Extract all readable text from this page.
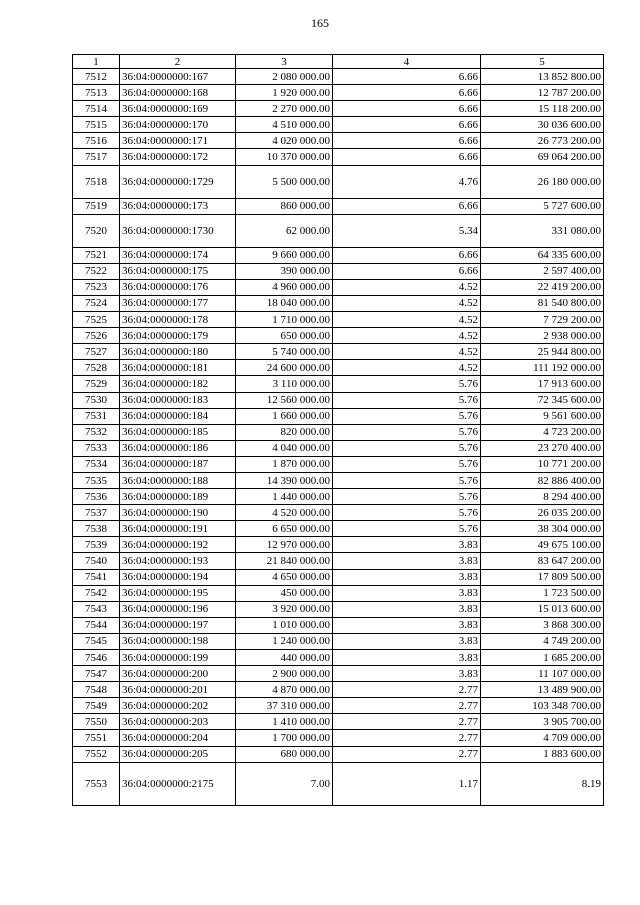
165
1	2	3	4	5
7512	36:04:0000000:167	2 080 000.00	6.66	13 852 800.00
7513	36:04:0000000:168	1 920 000.00	6.66	12 787 200.00
7514	36:04:0000000:169	2 270 000.00	6.66	15 118 200.00
7515	36:04:0000000:170	4 510 000.00	6.66	30 036 600.00
7516	36:04:0000000:171	4 020 000.00	6.66	26 773 200.00
7517	36:04:0000000:172	10 370 000.00	6.66	69 064 200.00
7518	36:04:0000000:1729	5 500 000.00	4.76	26 180 000.00
7519	36:04:0000000:173	860 000.00	6.66	5 727 600.00
7520	36:04:0000000:1730	62 000.00	5.34	331 080.00
7521	36:04:0000000:174	9 660 000.00	6.66	64 335 600.00
7522	36:04:0000000:175	390 000.00	6.66	2 597 400.00
7523	36:04:0000000:176	4 960 000.00	4.52	22 419 200.00
7524	36:04:0000000:177	18 040 000.00	4.52	81 540 800.00
7525	36:04:0000000:178	1 710 000.00	4.52	7 729 200.00
7526	36:04:0000000:179	650 000.00	4.52	2 938 000.00
7527	36:04:0000000:180	5 740 000.00	4.52	25 944 800.00
7528	36:04:0000000:181	24 600 000.00	4.52	111 192 000.00
7529	36:04:0000000:182	3 110 000.00	5.76	17 913 600.00
7530	36:04:0000000:183	12 560 000.00	5.76	72 345 600.00
7531	36:04:0000000:184	1 660 000.00	5.76	9 561 600.00
7532	36:04:0000000:185	820 000.00	5.76	4 723 200.00
7533	36:04:0000000:186	4 040 000.00	5.76	23 270 400.00
7534	36:04:0000000:187	1 870 000.00	5.76	10 771 200.00
7535	36:04:0000000:188	14 390 000.00	5.76	82 886 400.00
7536	36:04:0000000:189	1 440 000.00	5.76	8 294 400.00
7537	36:04:0000000:190	4 520 000.00	5.76	26 035 200.00
7538	36:04:0000000:191	6 650 000.00	5.76	38 304 000.00
7539	36:04:0000000:192	12 970 000.00	3.83	49 675 100.00
7540	36:04:0000000:193	21 840 000.00	3.83	83 647 200.00
7541	36:04:0000000:194	4 650 000.00	3.83	17 809 500.00
7542	36:04:0000000:195	450 000.00	3.83	1 723 500.00
7543	36:04:0000000:196	3 920 000.00	3.83	15 013 600.00
7544	36:04:0000000:197	1 010 000.00	3.83	3 868 300.00
7545	36:04:0000000:198	1 240 000.00	3.83	4 749 200.00
7546	36:04:0000000:199	440 000.00	3.83	1 685 200.00
7547	36:04:0000000:200	2 900 000.00	3.83	11 107 000.00
7548	36:04:0000000:201	4 870 000.00	2.77	13 489 900.00
7549	36:04:0000000:202	37 310 000.00	2.77	103 348 700.00
7550	36:04:0000000:203	1 410 000.00	2.77	3 905 700.00
7551	36:04:0000000:204	1 700 000.00	2.77	4 709 000.00
7552	36:04:0000000:205	680 000.00	2.77	1 883 600.00
7553	36:04:0000000:2175	7.00	1.17	8.19
